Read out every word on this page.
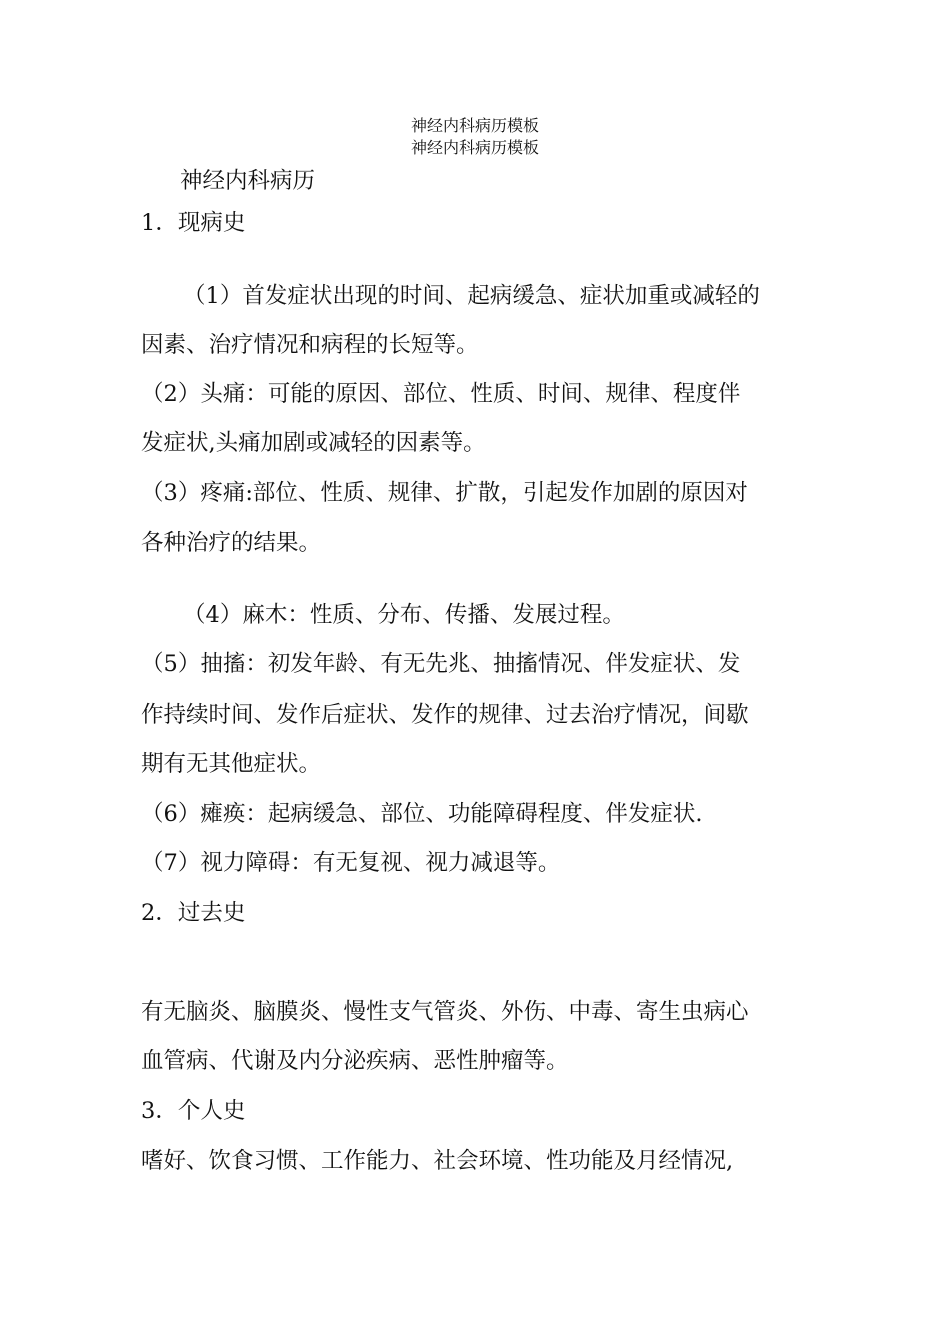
神经内科病历模板
神经内科病历模板
神经内科病历
1．现病史
（1）首发症状出现的时间、起病缓急、症状加重或减轻的
因素、治疗情况和病程的长短等。
（2）头痛：可能的原因、部位、性质、时间、规律、程度伴
发症状,头痛加剧或减轻的因素等。
（3）疼痛:部位、性质、规律、扩散，引起发作加剧的原因对
各种治疗的结果。
（4）麻木：性质、分布、传播、发展过程。
（5）抽搐：初发年龄、有无先兆、抽搐情况、伴发症状、发
作持续时间、发作后症状、发作的规律、过去治疗情况，间歇
期有无其他症状。
（6）瘫痪：起病缓急、部位、功能障碍程度、伴发症状.
（7）视力障碍：有无复视、视力减退等。
2．过去史
有无脑炎、脑膜炎、慢性支气管炎、外伤、中毒、寄生虫病心
血管病、代谢及内分泌疾病、恶性肿瘤等。
3．个人史
嗜好、饮食习惯、工作能力、社会环境、性功能及月经情况,
